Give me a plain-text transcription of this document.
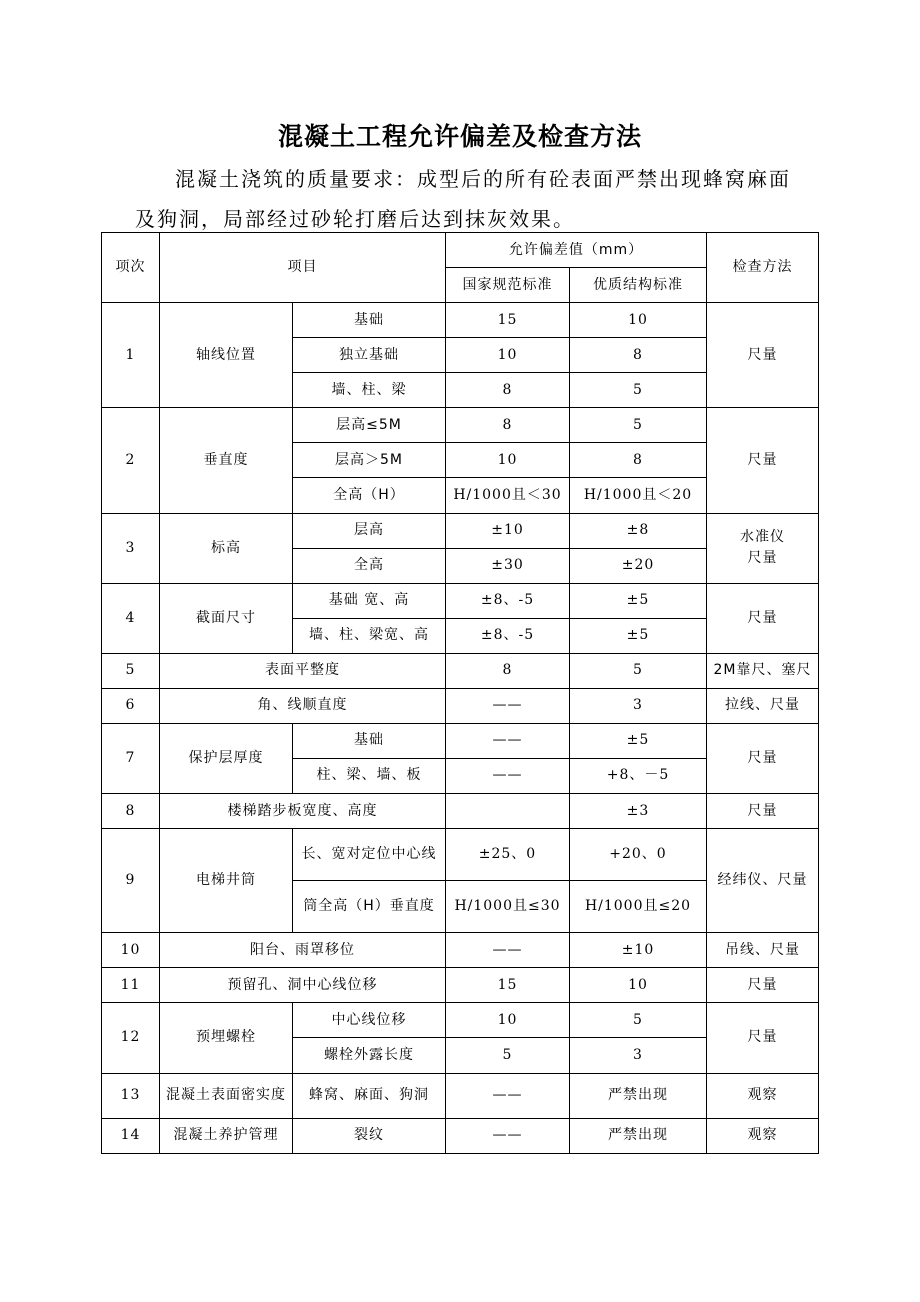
混凝土工程允许偏差及检查方法
混凝土浇筑的质量要求：成型后的所有砼表面严禁出现蜂窝麻面
及狗洞，局部经过砂轮打磨后达到抹灰效果。
项次	项目		允许偏差值（mm）		检查方法
			国家规范标准	优质结构标准	
1	轴线位置	基础	15	10	尺量
		独立基础	10	8	
		墙、柱、梁	8	5	
2	垂直度	层高≤5M	8	5	尺量
		层高＞5M	10	8	
		全高（H）	H/1000且＜30	H/1000且＜20	
3	标高	层高	±10	±8	水准仪
尺量
		全高	±30	±20	
4	截面尺寸	基础 宽、高	±8、-5	±5	尺量
		墙、柱、梁宽、高	±8、-5	±5	
5	表面平整度		8	5	2M靠尺、塞尺
6	角、线顺直度		——	3	拉线、尺量
7	保护层厚度	基础	——	±5	尺量
		柱、梁、墙、板	——	+8、－5	
8	楼梯踏步板宽度、高度			±3	尺量
9	电梯井筒	长、宽对定位中心线	±25、0	+20、0	经纬仪、尺量
		筒全高（H）垂直度	H/1000且≤30	H/1000且≤20	
10	阳台、雨罩移位		——	±10	吊线、尺量
11	预留孔、洞中心线位移		15	10	尺量
12	预埋螺栓	中心线位移	10	5	尺量
		螺栓外露长度	5	3	
13	混凝土表面密实度	蜂窝、麻面、狗洞	——	严禁出现	观察
14	混凝土养护管理	裂纹	——	严禁出现	观察
